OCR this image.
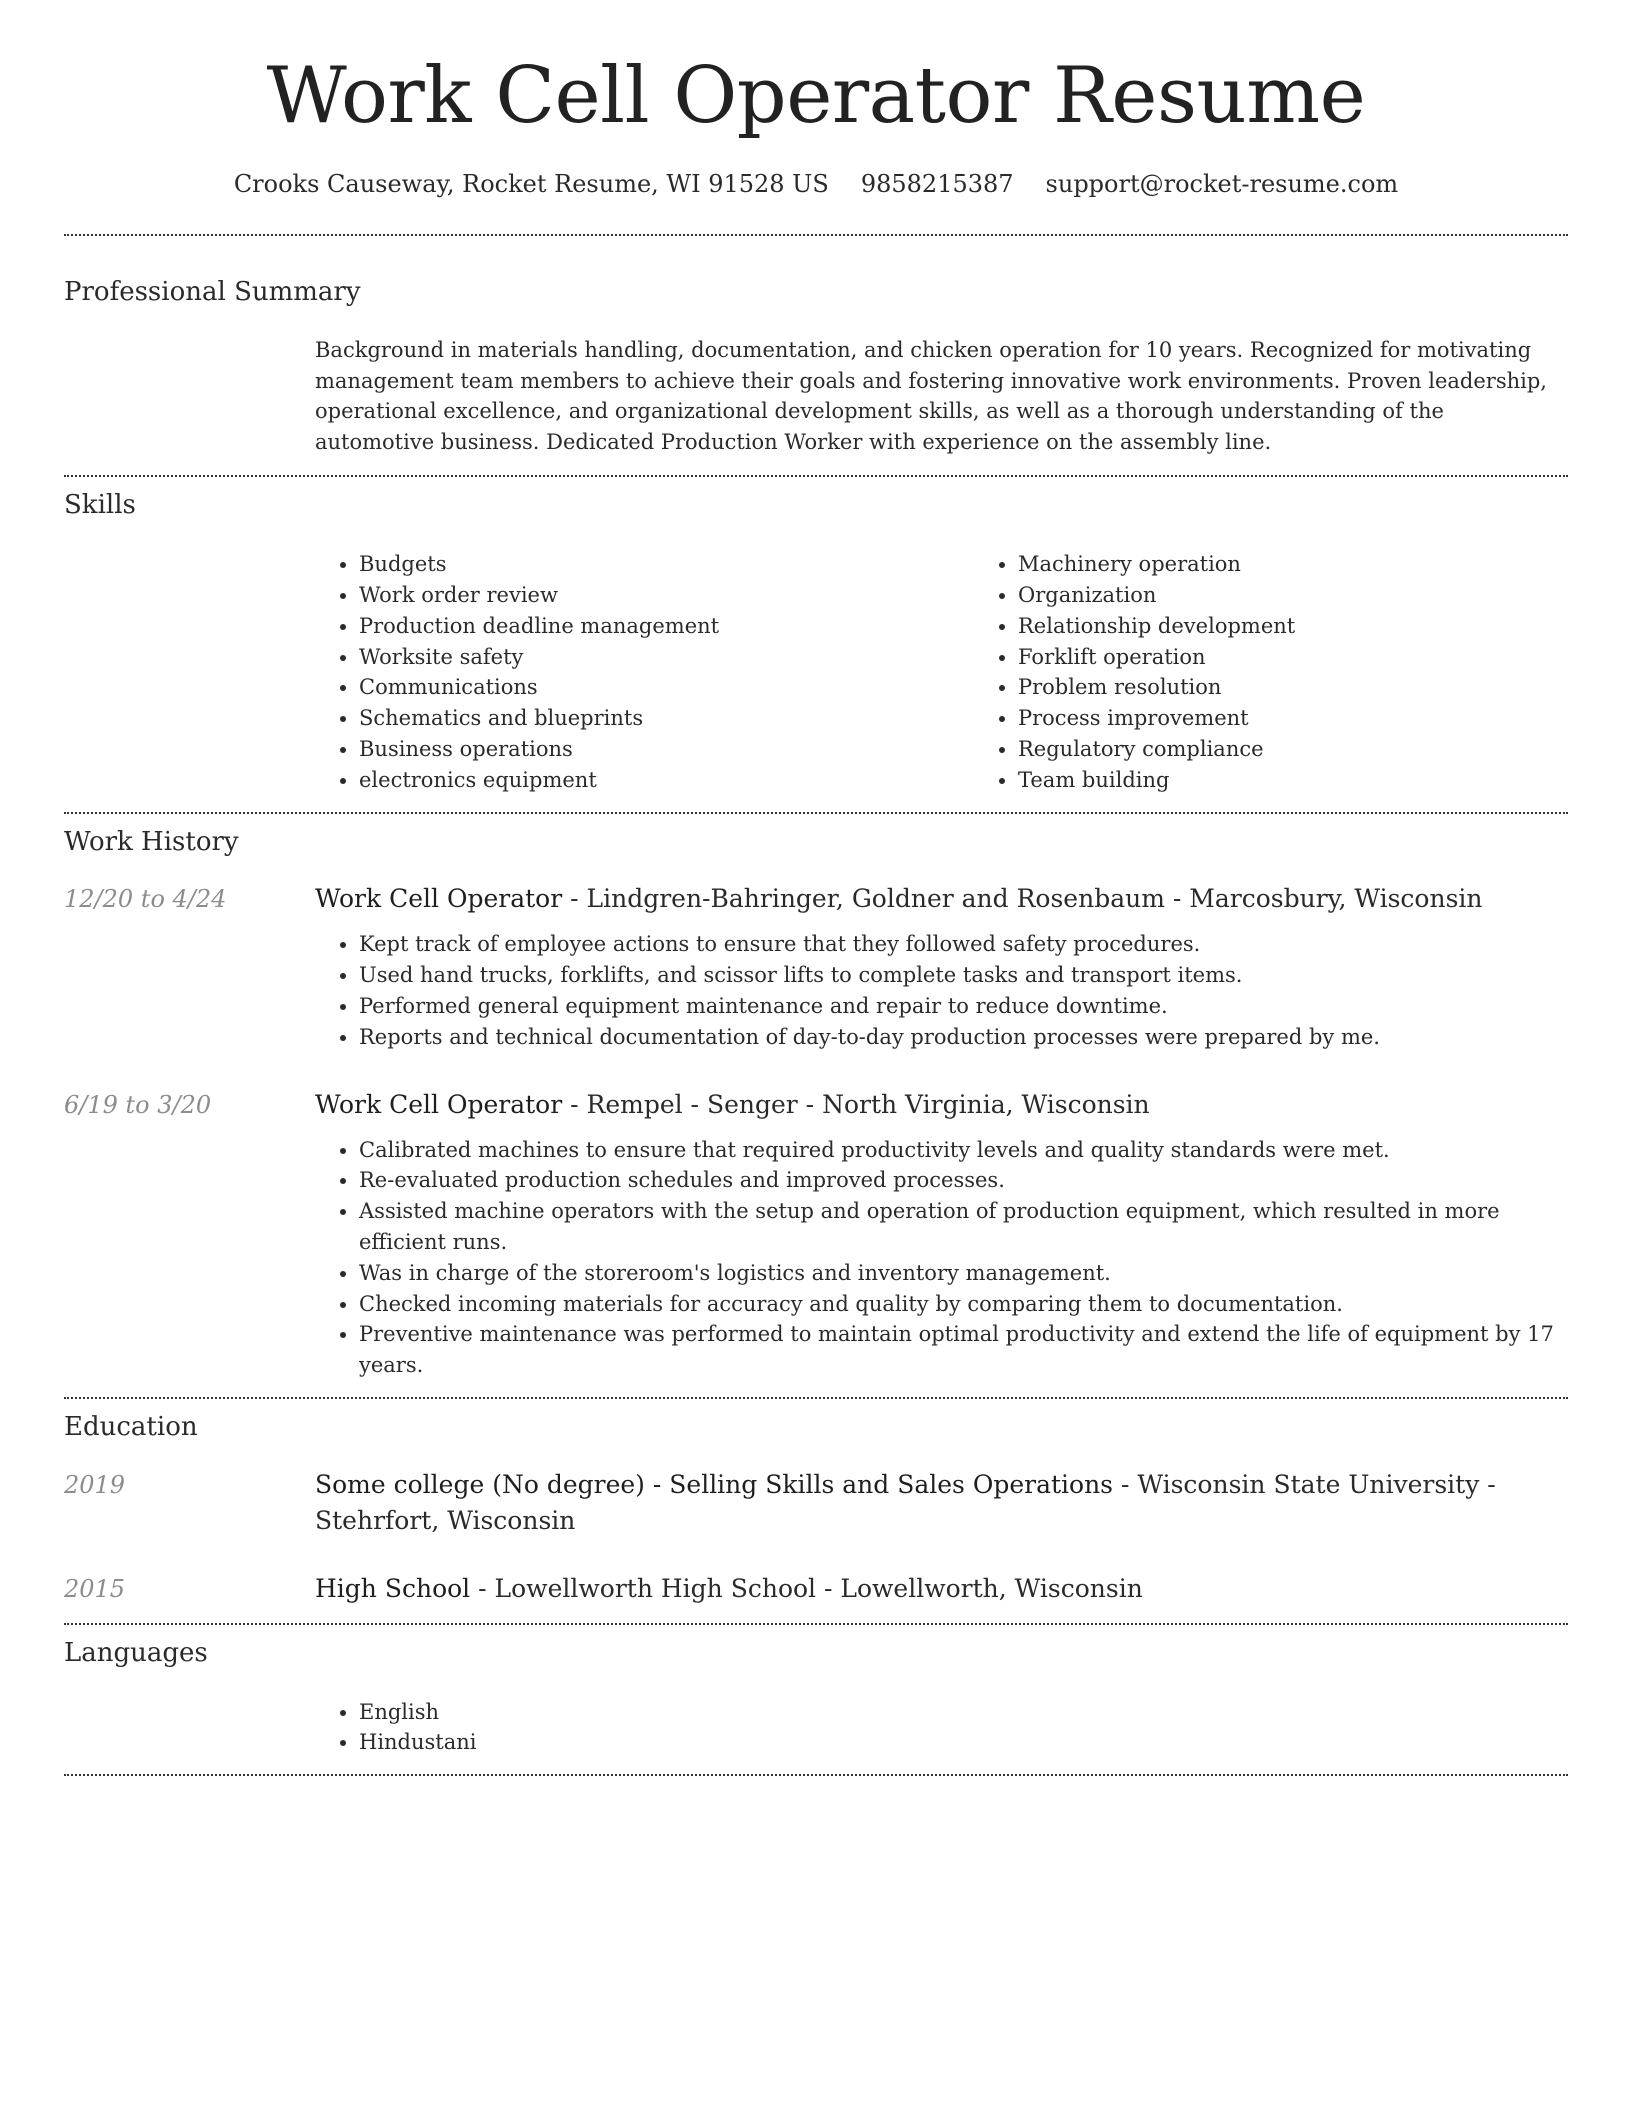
Work Cell Operator Resume
Crooks Causeway, Rocket Resume, WI 91528 US 9858215387 support@rocket-resume.com
Professional Summary
Background in materials handling, documentation, and chicken operation for 10 years. Recognized for motivating management team members to achieve their goals and fostering innovative work environments. Proven leadership, operational excellence, and organizational development skills, as well as a thorough understanding of the automotive business. Dedicated Production Worker with experience on the assembly line.
Skills
• Budgets
• Work order review
• Production deadline management
• Worksite safety
• Communications
• Schematics and blueprints
• Business operations
• electronics equipment
• Machinery operation
• Organization
• Relationship development
• Forklift operation
• Problem resolution
• Process improvement
• Regulatory compliance
• Team building
Work History
12/20 to 4/24	Work Cell Operator - Lindgren-Bahringer, Goldner and Rosenbaum - Marcosbury, Wisconsin
• Kept track of employee actions to ensure that they followed safety procedures.
• Used hand trucks, forklifts, and scissor lifts to complete tasks and transport items.
• Performed general equipment maintenance and repair to reduce downtime.
• Reports and technical documentation of day-to-day production processes were prepared by me.
6/19 to 3/20	Work Cell Operator - Rempel - Senger - North Virginia, Wisconsin
• Calibrated machines to ensure that required productivity levels and quality standards were met.
• Re-evaluated production schedules and improved processes.
• Assisted machine operators with the setup and operation of production equipment, which resulted in more efficient runs.
• Was in charge of the storeroom's logistics and inventory management.
• Checked incoming materials for accuracy and quality by comparing them to documentation.
• Preventive maintenance was performed to maintain optimal productivity and extend the life of equipment by 17 years.
Education
2019	Some college (No degree) - Selling Skills and Sales Operations - Wisconsin State University - Stehrfort, Wisconsin
2015	High School - Lowellworth High School - Lowellworth, Wisconsin
Languages
• English
• Hindustani
